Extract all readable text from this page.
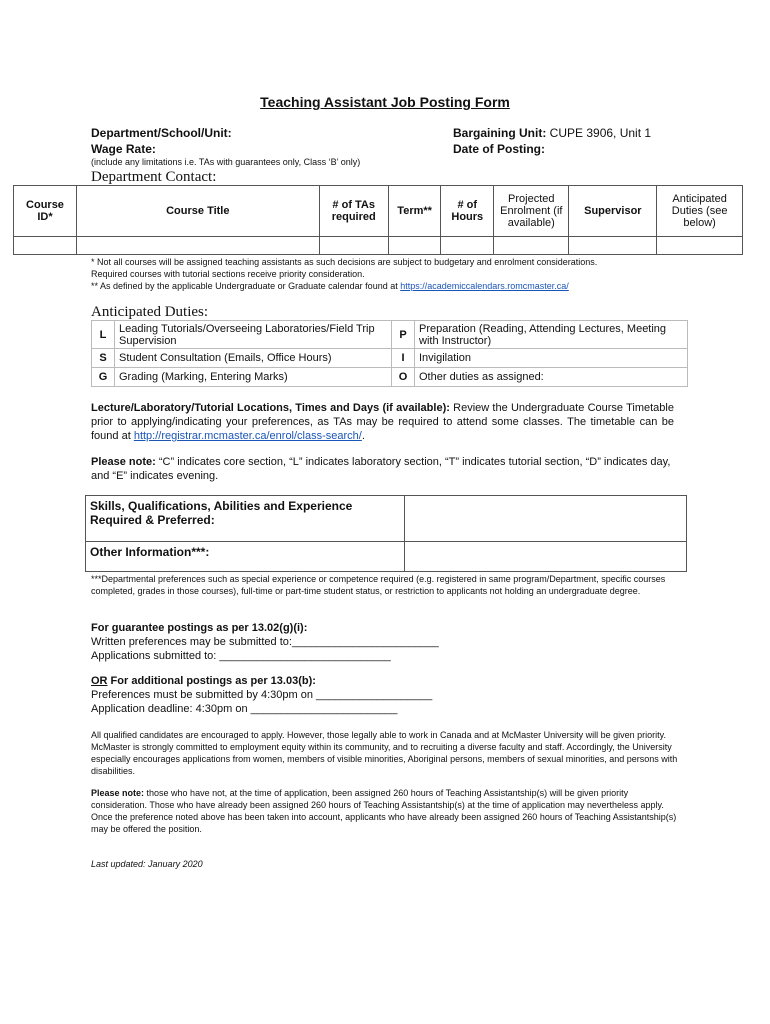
Teaching Assistant Job Posting Form
Department/School/Unit:
Wage Rate:
(include any limitations i.e. TAs with guarantees only, Class ‘B’ only)
Department Contact:
Bargaining Unit: CUPE 3906, Unit 1
Date of Posting:
Course ID*	Course Title	# of TAs required	Term**	# of Hours	Projected Enrolment (if available)	Supervisor	Anticipated Duties (see below)

* Not all courses will be assigned teaching assistants as such decisions are subject to budgetary and enrolment considerations.
Required courses with tutorial sections receive priority consideration.
** As defined by the applicable Undergraduate or Graduate calendar found at https://academiccalendars.romcmaster.ca/
Anticipated Duties:
L	Leading Tutorials/Overseeing Laboratories/Field Trip Supervision	P	Preparation (Reading, Attending Lectures, Meeting with Instructor)
S	Student Consultation (Emails, Office Hours)	I	Invigilation
G	Grading (Marking, Entering Marks)	O	Other duties as assigned:
Lecture/Laboratory/Tutorial Locations, Times and Days (if available): Review the Undergraduate Course Timetable prior to applying/indicating your preferences, as TAs may be required to attend some classes. The timetable can be found at http://registrar.mcmaster.ca/enrol/class-search/.
Please note: “C” indicates core section, “L” indicates laboratory section, “T” indicates tutorial section, “D” indicates day, and “E” indicates evening.
Skills, Qualifications, Abilities and Experience Required & Preferred:	
Other Information***:	
***Departmental preferences such as special experience or competence required (e.g. registered in same program/Department, specific courses completed, grades in those courses), full-time or part-time student status, or restriction to applicants not holding an undergraduate degree.
For guarantee postings as per 13.02(g)(i):
Written preferences may be submitted to:________________________
Applications submitted to: ____________________________
OR For additional postings as per 13.03(b):
Preferences must be submitted by 4:30pm on ___________________
Application deadline: 4:30pm on ________________________
All qualified candidates are encouraged to apply. However, those legally able to work in Canada and at McMaster University will be given priority. McMaster is strongly committed to employment equity within its community, and to recruiting a diverse faculty and staff. Accordingly, the University especially encourages applications from women, members of visible minorities, Aboriginal persons, members of sexual minorities, and persons with disabilities.
Please note: those who have not, at the time of application, been assigned 260 hours of Teaching Assistantship(s) will be given priority consideration. Those who have already been assigned 260 hours of Teaching Assistantship(s) at the time of application may nevertheless apply. Once the preference noted above has been taken into account, applicants who have already been assigned 260 hours of Teaching Assistantship(s) may be offered the position.
Last updated: January 2020
